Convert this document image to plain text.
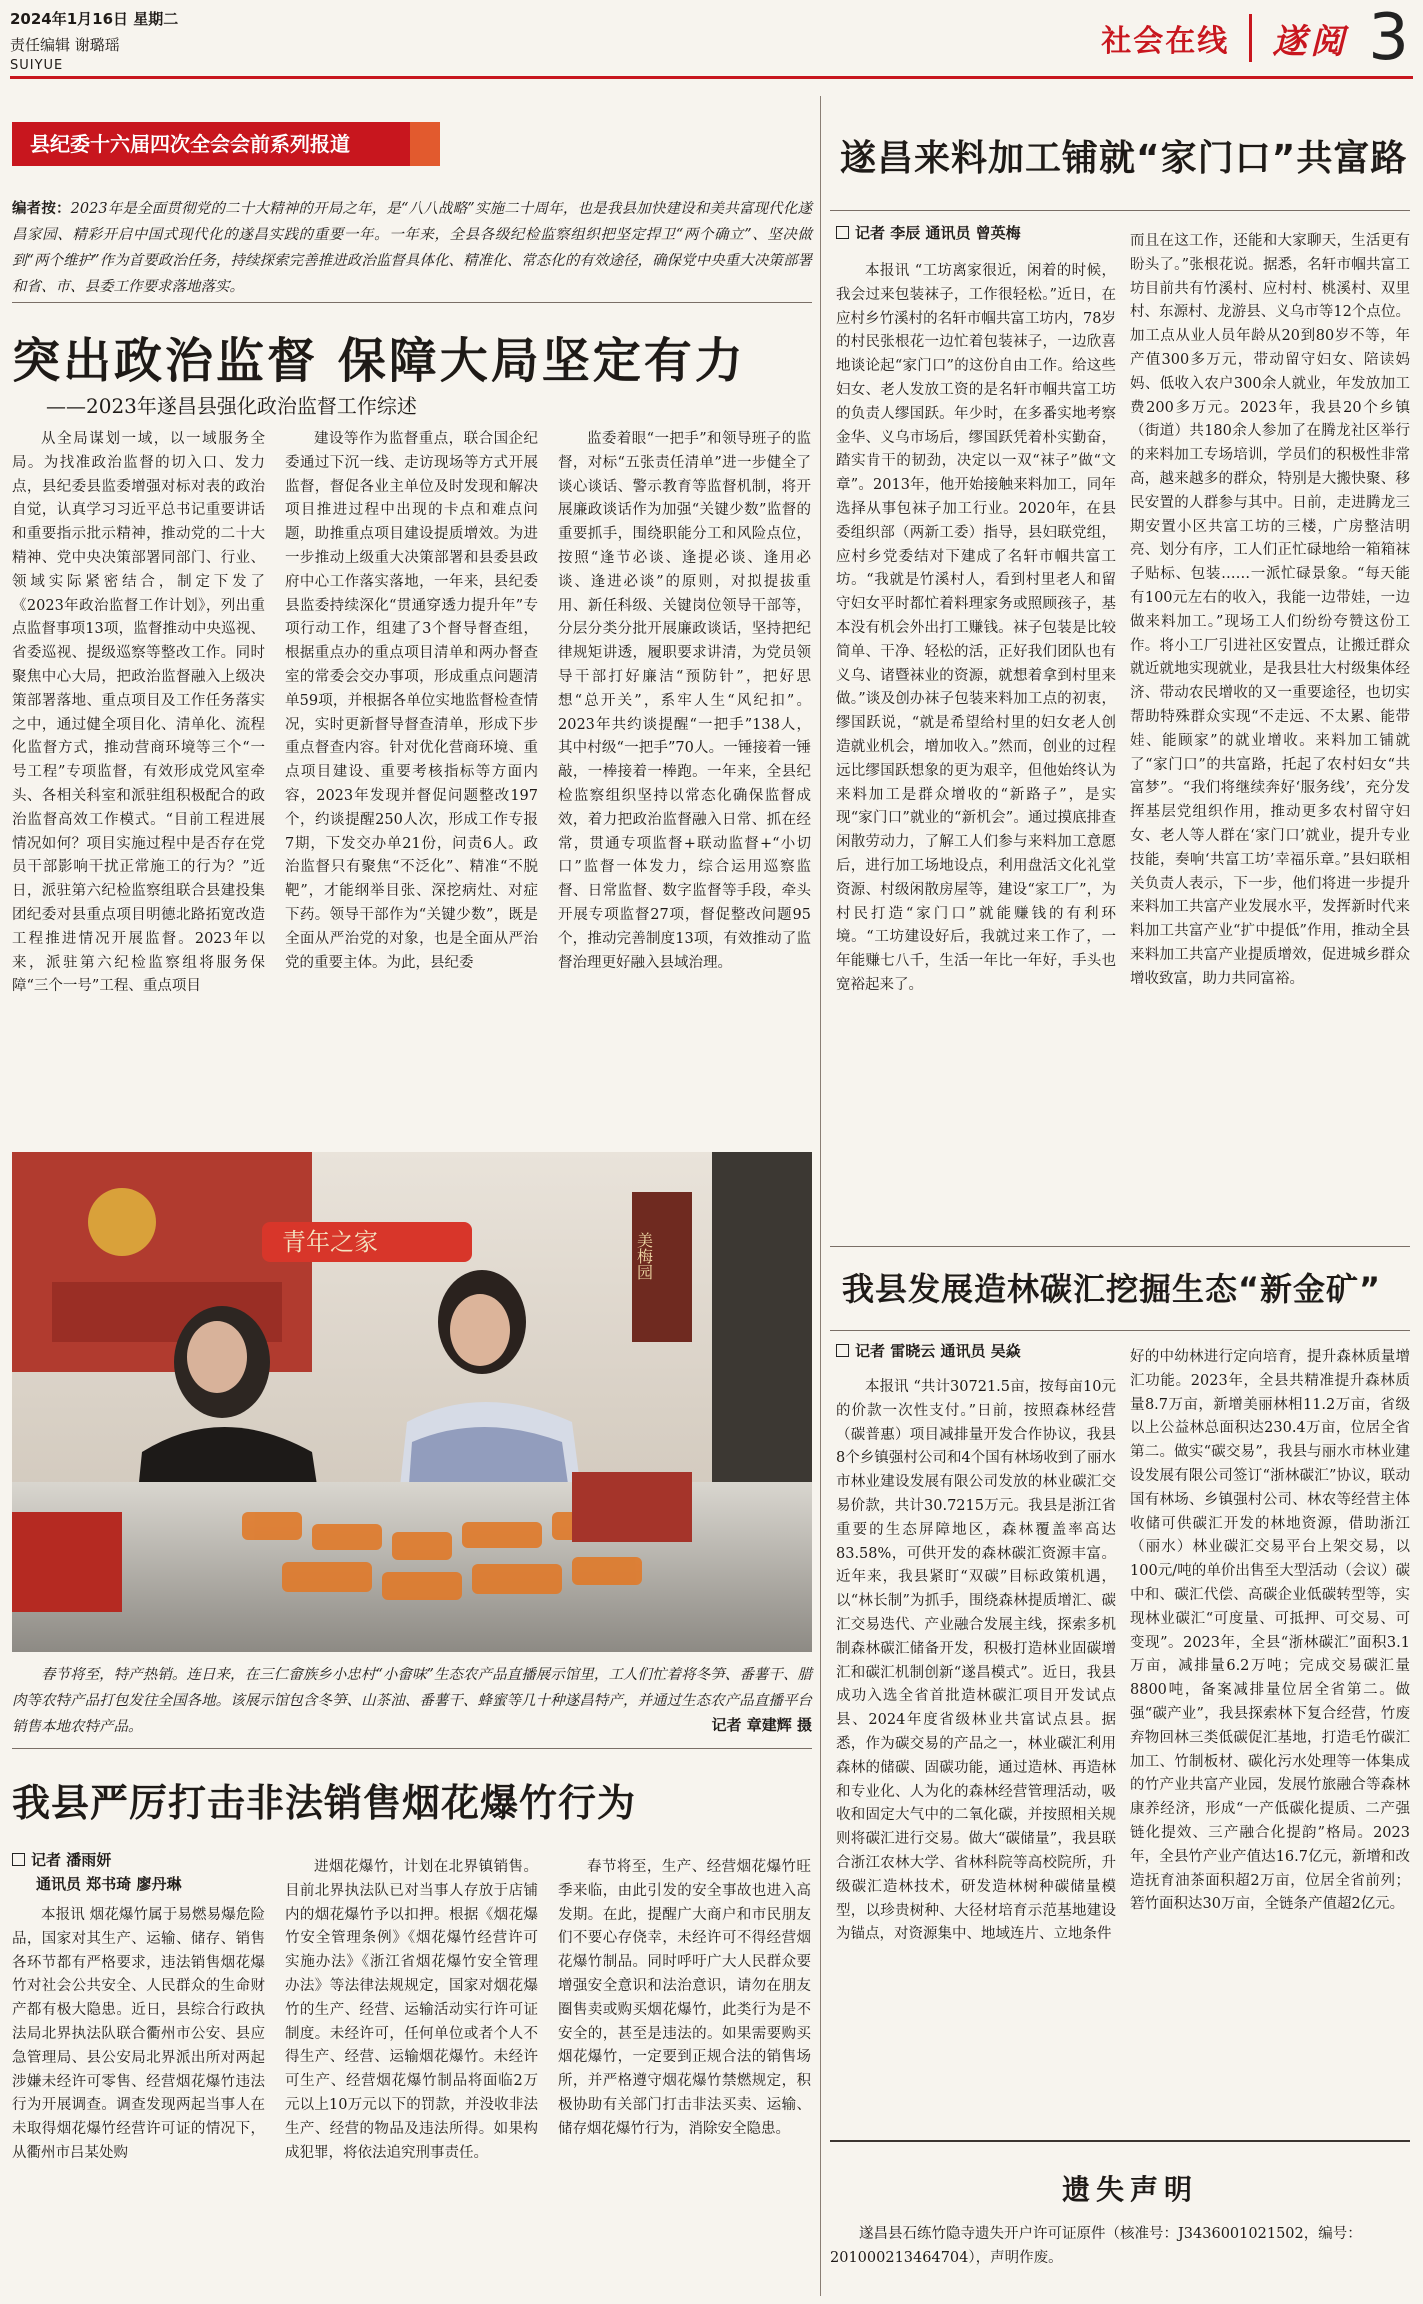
2024年1月16日 星期二
责任编辑 谢璐瑶
SUIYUE
社会在线 遂阅 3
县纪委十六届四次全会会前系列报道
编者按：2023年是全面贯彻党的二十大精神的开局之年，是“八八战略”实施二十周年，也是我县加快建设和美共富现代化遂昌家园、精彩开启中国式现代化的遂昌实践的重要一年。一年来，全县各级纪检监察组织把坚定捍卫“两个确立”、坚决做到“两个维护”作为首要政治任务，持续探索完善推进政治监督具体化、精准化、常态化的有效途径，确保党中央重大决策部署和省、市、县委工作要求落地落实。
突出政治监督 保障大局坚定有力
——2023年遂昌县强化政治监督工作综述
从全局谋划一域，以一域服务全局。为找准政治监督的切入口、发力点，县纪委县监委增强对标对表的政治自觉，认真学习习近平总书记重要讲话和重要指示批示精神，推动党的二十大精神、党中央决策部署同部门、行业、领域实际紧密结合，制定下发了《2023年政治监督工作计划》，列出重点监督事项13项，监督推动中央巡视、省委巡视、提级巡察等整改工作。同时聚焦中心大局，把政治监督融入上级决策部署落地、重点项目及工作任务落实之中，通过健全项目化、清单化、流程化监督方式，推动营商环境等三个“一号工程”专项监督，有效形成党风室牵头、各相关科室和派驻组积极配合的政治监督高效工作模式。“目前工程进展情况如何？项目实施过程中是否存在党员干部影响干扰正常施工的行为？”近日，派驻第六纪检监察组联合县建投集团纪委对县重点项目明德北路拓宽改造工程推进情况开展监督。2023年以来，派驻第六纪检监察组将服务保障“三个一号”工程、重点项目
建设等作为监督重点，联合国企纪委通过下沉一线、走访现场等方式开展监督，督促各业主单位及时发现和解决项目推进过程中出现的卡点和难点问题，助推重点项目建设提质增效。为进一步推动上级重大决策部署和县委县政府中心工作落实落地，一年来，县纪委县监委持续深化“贯通穿透力提升年”专项行动工作，组建了3个督导督查组，根据重点办的重点项目清单和两办督查室的常委会交办事项，形成重点问题清单59项，并根据各单位实地监督检查情况，实时更新督导督查清单，形成下步重点督查内容。针对优化营商环境、重点项目建设、重要考核指标等方面内容，2023年发现并督促问题整改197个，约谈提醒250人次，形成工作专报7期，下发交办单21份，问责6人。政治监督只有聚焦“不泛化”、精准“不脱靶”，才能纲举目张、深挖病灶、对症下药。领导干部作为“关键少数”，既是全面从严治党的对象，也是全面从严治党的重要主体。为此，县纪委
监委着眼“一把手”和领导班子的监督，对标“五张责任清单”进一步健全了谈心谈话、警示教育等监督机制，将开展廉政谈话作为加强“关键少数”监督的重要抓手，围绕职能分工和风险点位，按照“逢节必谈、逢提必谈、逢用必谈、逢进必谈”的原则，对拟提拔重用、新任科级、关键岗位领导干部等，分层分类分批开展廉政谈话，坚持把纪律规矩讲透，履职要求讲清，为党员领导干部打好廉洁“预防针”，把好思想“总开关”，系牢人生“风纪扣”。2023年共约谈提醒“一把手”138人，其中村级“一把手”70人。一锤接着一锤敲，一棒接着一棒跑。一年来，全县纪检监察组织坚持以常态化确保监督成效，着力把政治监督融入日常、抓在经常，贯通专项监督+联动监督+“小切口”监督一体发力，综合运用巡察监督、日常监督、数字监督等手段，牵头开展专项监督27项，督促整改问题95个，推动完善制度13项，有效推动了监督治理更好融入县域治理。
青年之家	美梅园
春节将至，特产热销。连日来，在三仁畲族乡小忠村“小畲味”生态农产品直播展示馆里，工人们忙着将冬笋、番薯干、腊肉等农特产品打包发往全国各地。该展示馆包含冬笋、山茶油、番薯干、蜂蜜等几十种遂昌特产，并通过生态农产品直播平台销售本地农特产品。	记者 章建辉 摄
我县严厉打击非法销售烟花爆竹行为
记者 潘雨妍
通讯员 郑书琦 廖丹琳
本报讯 烟花爆竹属于易燃易爆危险品，国家对其生产、运输、储存、销售各环节都有严格要求，违法销售烟花爆竹对社会公共安全、人民群众的生命财产都有极大隐患。近日，县综合行政执法局北界执法队联合衢州市公安、县应急管理局、县公安局北界派出所对两起涉嫌未经许可零售、经营烟花爆竹违法行为开展调查。调查发现两起当事人在未取得烟花爆竹经营许可证的情况下，从衢州市吕某处购
进烟花爆竹，计划在北界镇销售。目前北界执法队已对当事人存放于店铺内的烟花爆竹予以扣押。根据《烟花爆竹安全管理条例》《烟花爆竹经营许可实施办法》《浙江省烟花爆竹安全管理办法》等法律法规规定，国家对烟花爆竹的生产、经营、运输活动实行许可证制度。未经许可，任何单位或者个人不得生产、经营、运输烟花爆竹。未经许可生产、经营烟花爆竹制品将面临2万元以上10万元以下的罚款，并没收非法生产、经营的物品及违法所得。如果构成犯罪，将依法追究刑事责任。
春节将至，生产、经营烟花爆竹旺季来临，由此引发的安全事故也进入高发期。在此，提醒广大商户和市民朋友们不要心存侥幸，未经许可不得经营烟花爆竹制品。同时呼吁广大人民群众要增强安全意识和法治意识，请勿在朋友圈售卖或购买烟花爆竹，此类行为是不安全的，甚至是违法的。如果需要购买烟花爆竹，一定要到正规合法的销售场所，并严格遵守烟花爆竹禁燃规定，积极协助有关部门打击非法买卖、运输、储存烟花爆竹行为，消除安全隐患。
遂昌来料加工铺就“家门口”共富路
记者 李辰 通讯员 曾英梅
本报讯 “工坊离家很近，闲着的时候，我会过来包装袜子，工作很轻松。”近日，在应村乡竹溪村的名轩市帼共富工坊内，78岁的村民张根花一边忙着包装袜子，一边欣喜地谈论起“家门口”的这份自由工作。给这些妇女、老人发放工资的是名轩市帼共富工坊的负责人缪国跃。年少时，在多番实地考察金华、义乌市场后，缪国跃凭着朴实勤奋，踏实肯干的韧劲，决定以一双“袜子”做“文章”。2013年，他开始接触来料加工，同年选择从事包袜子加工行业。2020年，在县委组织部（两新工委）指导，县妇联党组，应村乡党委结对下建成了名轩市帼共富工坊。“我就是竹溪村人，看到村里老人和留守妇女平时都忙着料理家务或照顾孩子，基本没有机会外出打工赚钱。袜子包装是比较简单、干净、轻松的活，正好我们团队也有义乌、诸暨袜业的资源，就想着拿到村里来做。”谈及创办袜子包装来料加工点的初衷，缪国跃说，“就是希望给村里的妇女老人创造就业机会，增加收入。”然而，创业的过程远比缪国跃想象的更为艰辛，但他始终认为来料加工是群众增收的“新路子”，是实现“家门口”就业的“新机会”。通过摸底排查闲散劳动力，了解工人们参与来料加工意愿后，进行加工场地设点，利用盘活文化礼堂资源、村级闲散房屋等，建设“家工厂”，为村民打造“家门口”就能赚钱的有利环境。“工坊建设好后，我就过来工作了，一年能赚七八千，生活一年比一年好，手头也宽裕起来了。
而且在这工作，还能和大家聊天，生活更有盼头了。”张根花说。据悉，名轩市帼共富工坊目前共有竹溪村、应村村、桃溪村、双里村、东源村、龙游县、义乌市等12个点位。加工点从业人员年龄从20到80岁不等，年产值300多万元，带动留守妇女、陪读妈妈、低收入农户300余人就业，年发放加工费200多万元。2023年，我县20个乡镇（街道）共180余人参加了在腾龙社区举行的来料加工专场培训，学员们的积极性非常高，越来越多的群众，特别是大搬快聚、移民安置的人群参与其中。日前，走进腾龙三期安置小区共富工坊的三楼，广房整洁明亮、划分有序，工人们正忙碌地给一箱箱袜子贴标、包装……一派忙碌景象。“每天能有100元左右的收入，我能一边带娃，一边做来料加工。”现场工人们纷纷夸赞这份工作。将小工厂引进社区安置点，让搬迁群众就近就地实现就业，是我县壮大村级集体经济、带动农民增收的又一重要途径，也切实帮助特殊群众实现“不走远、不太累、能带娃、能顾家”的就业增收。来料加工铺就了“家门口”的共富路，托起了农村妇女“共富梦”。“我们将继续奔好‘服务线’，充分发挥基层党组织作用，推动更多农村留守妇女、老人等人群在‘家门口’就业，提升专业技能，奏响‘共富工坊’幸福乐章。”县妇联相关负责人表示，下一步，他们将进一步提升来料加工共富产业发展水平，发挥新时代来料加工共富产业“扩中提低”作用，推动全县来料加工共富产业提质增效，促进城乡群众增收致富，助力共同富裕。
我县发展造林碳汇挖掘生态“新金矿”
记者 雷晓云 通讯员 吴焱
本报讯 “共计30721.5亩，按每亩10元的价款一次性支付。”日前，按照森林经营（碳普惠）项目减排量开发合作协议，我县8个乡镇强村公司和4个国有林场收到了丽水市林业建设发展有限公司发放的林业碳汇交易价款，共计30.7215万元。我县是浙江省重要的生态屏障地区，森林覆盖率高达83.58%，可供开发的森林碳汇资源丰富。近年来，我县紧盯“双碳”目标政策机遇，以“林长制”为抓手，围绕森林提质增汇、碳汇交易迭代、产业融合发展主线，探索多机制森林碳汇储备开发，积极打造林业固碳增汇和碳汇机制创新“遂昌模式”。近日，我县成功入选全省首批造林碳汇项目开发试点县、2024年度省级林业共富试点县。据悉，作为碳交易的产品之一，林业碳汇利用森林的储碳、固碳功能，通过造林、再造林和专业化、人为化的森林经营管理活动，吸收和固定大气中的二氧化碳，并按照相关规则将碳汇进行交易。做大“碳储量”，我县联合浙江农林大学、省林科院等高校院所，升级碳汇造林技术，研发造林树种碳储量模型，以珍贵树种、大径材培育示范基地建设为锚点，对资源集中、地域连片、立地条件
好的中幼林进行定向培育，提升森林质量增汇功能。2023年，全县共精准提升森林质量8.7万亩，新增美丽林相11.2万亩，省级以上公益林总面积达230.4万亩，位居全省第二。做实“碳交易”，我县与丽水市林业建设发展有限公司签订“浙林碳汇”协议，联动国有林场、乡镇强村公司、林农等经营主体收储可供碳汇开发的林地资源，借助浙江（丽水）林业碳汇交易平台上架交易，以100元/吨的单价出售至大型活动（会议）碳中和、碳汇代偿、高碳企业低碳转型等，实现林业碳汇“可度量、可抵押、可交易、可变现”。2023年，全县“浙林碳汇”面积3.1万亩，减排量6.2万吨；完成交易碳汇量8800吨，备案减排量位居全省第二。做强“碳产业”，我县探索林下复合经营，竹废弃物回林三类低碳促汇基地，打造毛竹碳汇加工、竹制板材、碳化污水处理等一体集成的竹产业共富产业园，发展竹旅融合等森林康养经济，形成“一产低碳化提质、二产强链化提效、三产融合化提韵”格局。2023年，全县竹产业产值达16.7亿元，新增和改造抚育油茶面积超2万亩，位居全省前列；箬竹面积达30万亩，全链条产值超2亿元。
遗失声明
遂昌县石练竹隐寺遗失开户许可证原件（核准号：J3436001021502，编号：201000213464704），声明作废。
